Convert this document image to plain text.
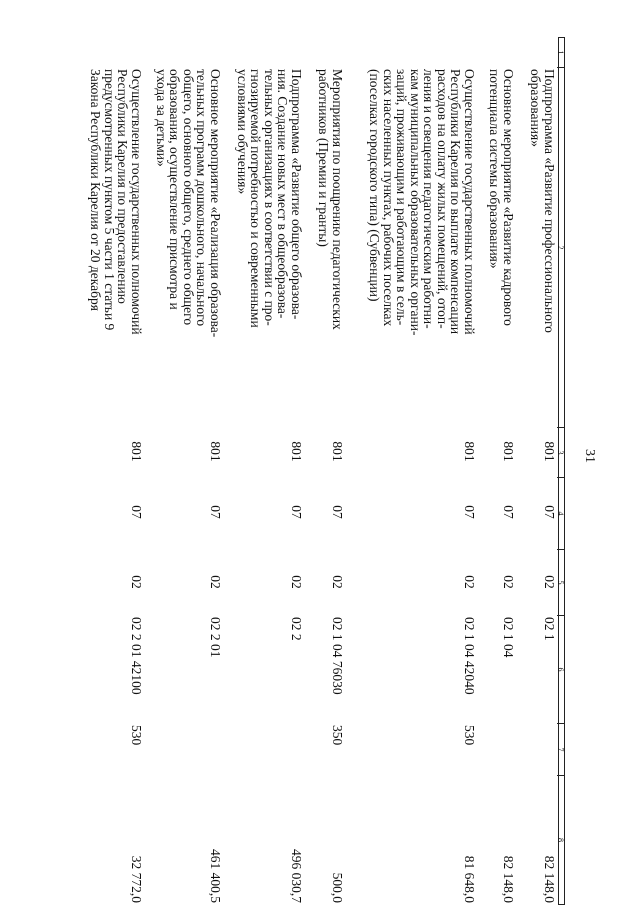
31
1
2
3
4
5
6
7
8
Подпрограмма «Развитие профессионального
образования»
801
07
02
02 1
82 148,0
Основное мероприятие «Развитие кадрового
потенциала системы образования»
801
07
02
02 1 04
82 148,0
Осуществление государственных полномочий
Республики Карелия по выплате компенсации
расходов на оплату жилых помещений, отоп-
ления и освещения педагогическим работни-
кам муниципальных образовательных органи-
заций, проживающим и работающим в сель-
ских населенных пунктах, рабочих поселках
(поселках городского типа) (Субвенции)
801
07
02
02 1 04 42040
530
81 648,0
Мероприятия по поощрению педагогических
работников (Премии и гранты)
801
07
02
02 1 04 76030
350
500,0
Подпрограмма «Развитие общего образова-
ния. Создание новых мест в общеобразова-
тельных организациях в соответствии с про-
гнозируемой потребностью и современными
условиями обучения»
801
07
02
02 2
496 030,7
Основное мероприятие «Реализация образова-
тельных программ дошкольного, начального
общего, основного общего, среднего общего
образования, осуществление присмотра и
ухода за детьми»
801
07
02
02 2 01
461 400,5
Осуществление государственных полномочий
Республики Карелия по предоставлению
предусмотренных пунктом 5 части 1 статьи 9
Закона Республики Карелия от 20 декабря
801
07
02
02 2 01 42100
530
32 772,0
